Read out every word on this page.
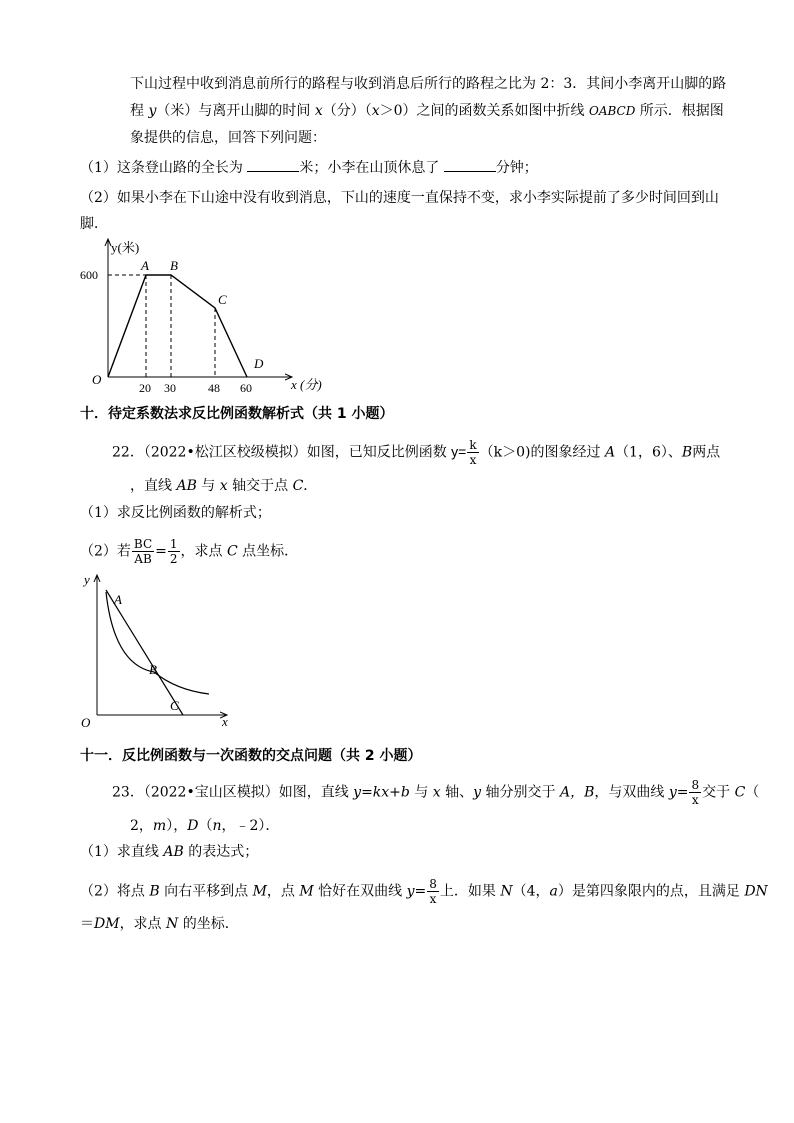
下山过程中收到消息前所行的路程与收到消息后所行的路程之比为 2：3．其间小李离开山脚的路
程 y（米）与离开山脚的时间 x（分）（x＞0）之间的函数关系如图中折线 OABCD 所示．根据图
象提供的信息，回答下列问题：
（1）这条登山路的全长为	米；小李在山顶休息了	分钟；
（2）如果小李在下山途中没有收到消息，下山的速度一直保持不变，求小李实际提前了多少时间回到山
脚．
y(米)
600
O
A B
C
D
20 30	48 60	x (分)
十．待定系数法求反比例函数解析式（共 1 小题）
22．（2022•松江区校级模拟）如图，已知反比例函数 $y= \frac{k}{x} (k>0)$的图象经过 A（1，6）、B两点
，直线 AB 与 x 轴交于点 C．
（1）求反比例函数的解析式；
（2）若 $\frac{BC}{AB} = \frac{1}{2}$ ，求点 C 点坐标．
y
A
B
C
O	x
十一．反比例函数与一次函数的交点问题（共 2 小题）
23．（2022•宝山区模拟）如图，直线 y=kx+b 与 x 轴、y 轴分别交于 A，B，与双曲线 $y= \frac{8}{x}$ 交于 C（
2，m），D（n，﹣2）．
（1）求直线 AB 的表达式；
（2）将点 B 向右平移到点 M，点 M 恰好在双曲线 $y= \frac{8}{x}$ 上．如果 N（4，a）是第四象限内的点，且满足 DN
＝DM，求点 N 的坐标．
